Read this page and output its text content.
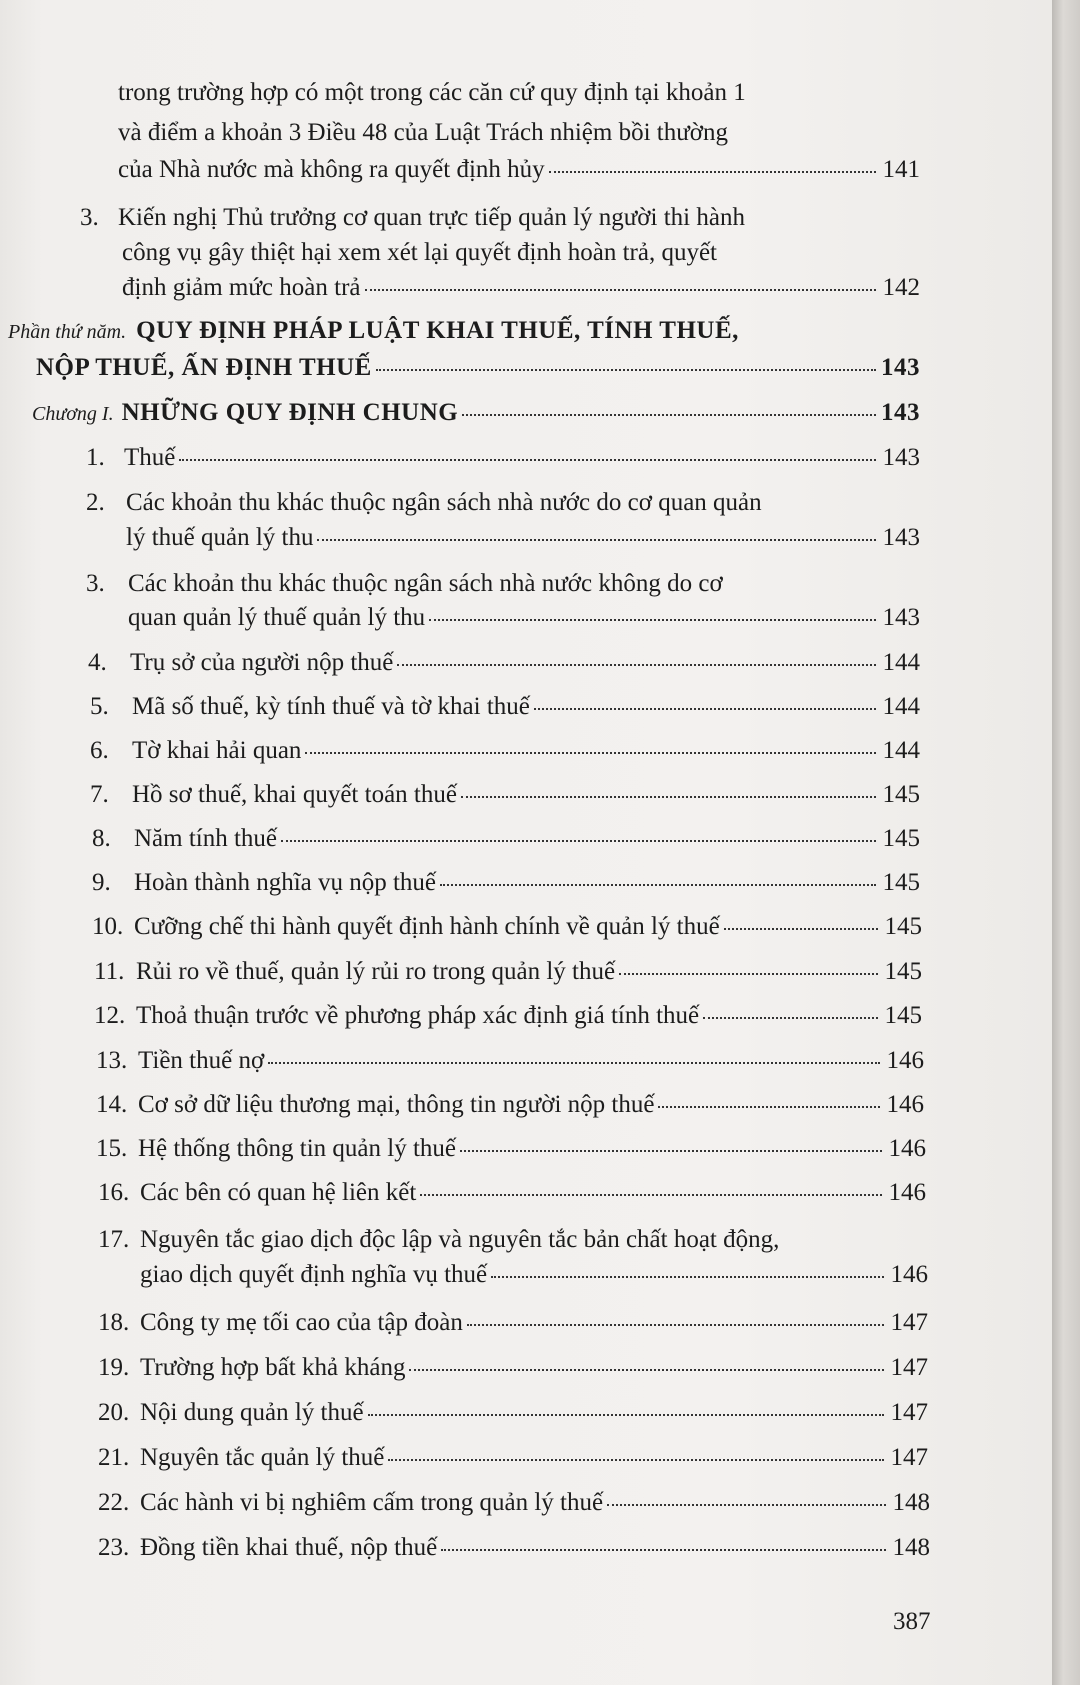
trong trường hợp có một trong các căn cứ quy định tại khoản 1
và điểm a khoản 3 Điều 48 của Luật Trách nhiệm bồi thường
của Nhà nước mà không ra quyết định hủy	141
3. Kiến nghị Thủ trưởng cơ quan trực tiếp quản lý người thi hành
công vụ gây thiệt hại xem xét lại quyết định hoàn trả, quyết
định giảm mức hoàn trả	142
Phần thứ năm. QUY ĐỊNH PHÁP LUẬT KHAI THUẾ, TÍNH THUẾ,
NỘP THUẾ, ẤN ĐỊNH THUẾ	143
Chương I. NHỮNG QUY ĐỊNH CHUNG	143
1. Thuế	143
2. Các khoản thu khác thuộc ngân sách nhà nước do cơ quan quản
lý thuế quản lý thu	143
3. Các khoản thu khác thuộc ngân sách nhà nước không do cơ
quan quản lý thuế quản lý thu	143
4. Trụ sở của người nộp thuế	144
5. Mã số thuế, kỳ tính thuế và tờ khai thuế	144
6. Tờ khai hải quan	144
7. Hồ sơ thuế, khai quyết toán thuế	145
8. Năm tính thuế	145
9. Hoàn thành nghĩa vụ nộp thuế	145
10. Cưỡng chế thi hành quyết định hành chính về quản lý thuế	145
11. Rủi ro về thuế, quản lý rủi ro trong quản lý thuế	145
12. Thoả thuận trước về phương pháp xác định giá tính thuế	145
13. Tiền thuế nợ	146
14. Cơ sở dữ liệu thương mại, thông tin người nộp thuế	146
15. Hệ thống thông tin quản lý thuế	146
16. Các bên có quan hệ liên kết	146
17. Nguyên tắc giao dịch độc lập và nguyên tắc bản chất hoạt động,
giao dịch quyết định nghĩa vụ thuế	146
18. Công ty mẹ tối cao của tập đoàn	147
19. Trường hợp bất khả kháng	147
20. Nội dung quản lý thuế	147
21. Nguyên tắc quản lý thuế	147
22. Các hành vi bị nghiêm cấm trong quản lý thuế	148
23. Đồng tiền khai thuế, nộp thuế	148
387
